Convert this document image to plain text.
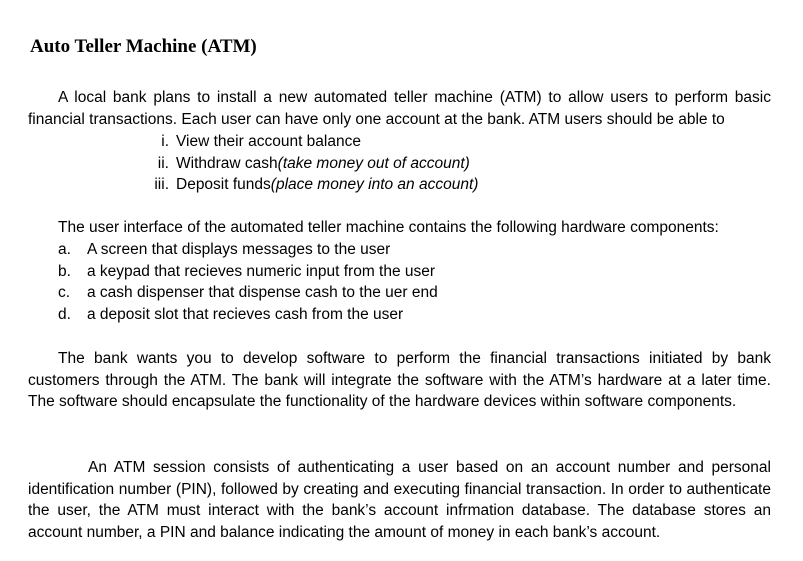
Auto Teller Machine (ATM)

A local bank plans to install a new automated teller machine (ATM) to allow users to perform basic financial transactions. Each user can have only one account at the bank. ATM users should be able to

i. View their account balance
ii. Withdraw cash (take money out of account)
iii. Deposit funds (place money into an account)

The user interface of the automated teller machine contains the following hardware components:

a.	A screen that displays messages to the user
b.	a keypad that recieves numeric input from the user
c.	a cash dispenser that dispense cash to the uer end
d.	a deposit slot that recieves cash from the user

The bank wants you to develop software to perform the financial transactions initiated by bank customers through the ATM. The bank will integrate the software with the ATM’s hardware at a later time. The software should encapsulate the functionality of the hardware devices within software components.

An ATM session consists of authenticating a user based on an account number and personal identification number (PIN), followed by creating and executing financial transaction. In order to authenticate the user, the ATM must interact with the bank’s account infrmation database. The database stores an account number, a PIN and balance indicating the amount of money in each bank’s account.
